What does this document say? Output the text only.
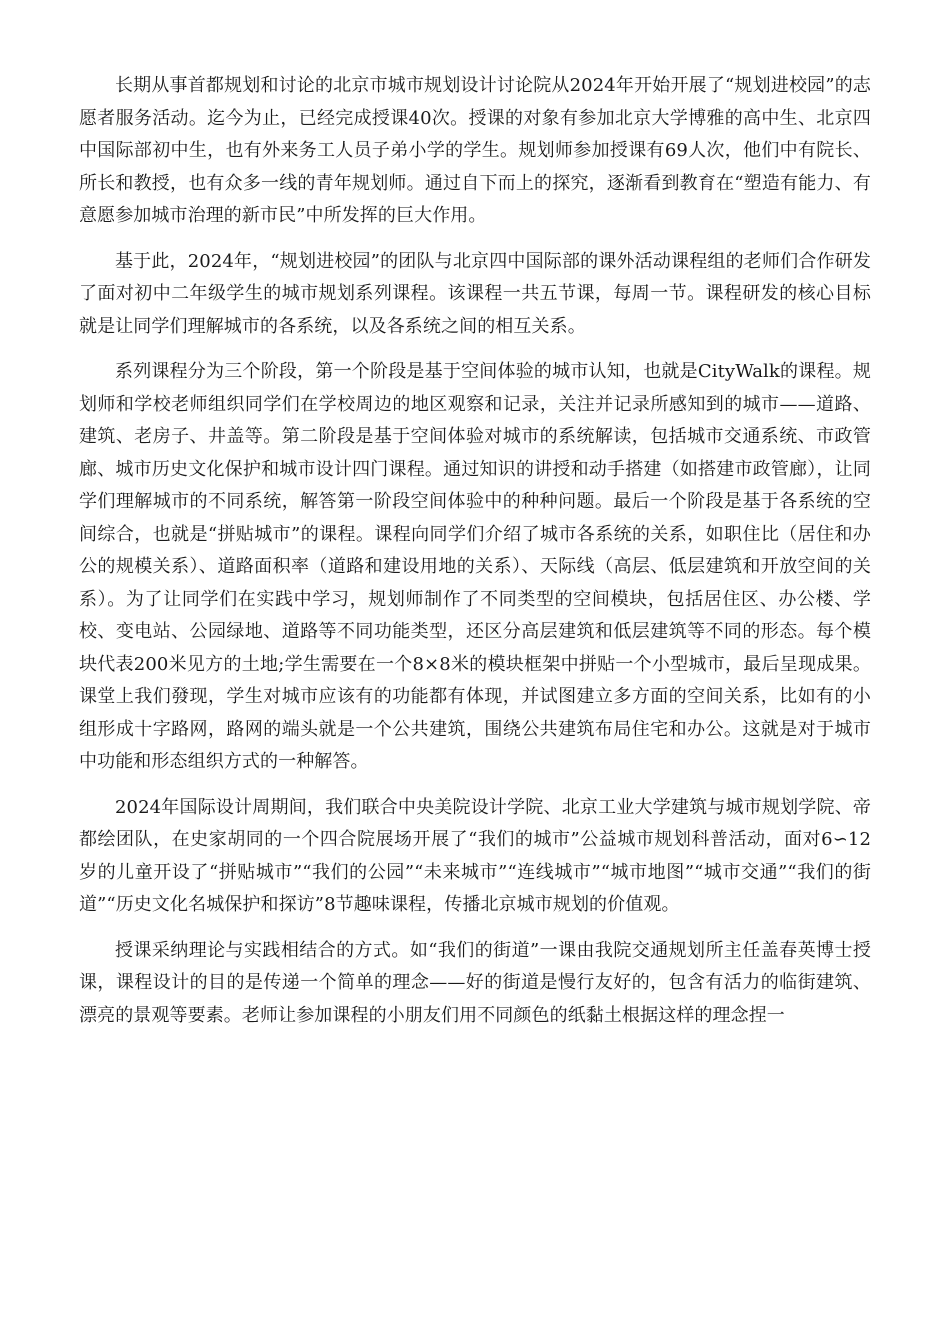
长期从事首都规划和讨论的北京市城市规划设计讨论院从2024年开始开展了“规划进校园”的志愿者服务活动。迄今为止，已经完成授课40次。授课的对象有参加北京大学博雅的高中生、北京四中国际部初中生，也有外来务工人员子弟小学的学生。规划师参加授课有69人次，他们中有院长、所长和教授，也有众多一线的青年规划师。通过自下而上的探究，逐渐看到教育在“塑造有能力、有意愿参加城市治理的新市民”中所发挥的巨大作用。

基于此，2024年，“规划进校园”的团队与北京四中国际部的课外活动课程组的老师们合作研发了面对初中二年级学生的城市规划系列课程。该课程一共五节课，每周一节。课程研发的核心目标就是让同学们理解城市的各系统，以及各系统之间的相互关系。

系列课程分为三个阶段，第一个阶段是基于空间体验的城市认知，也就是CityWalk的课程。规划师和学校老师组织同学们在学校周边的地区观察和记录，关注并记录所感知到的城市——道路、建筑、老房子、井盖等。第二阶段是基于空间体验对城市的系统解读，包括城市交通系统、市政管廊、城市历史文化保护和城市设计四门课程。通过知识的讲授和动手搭建（如搭建市政管廊），让同学们理解城市的不同系统，解答第一阶段空间体验中的种种问题。最后一个阶段是基于各系统的空间综合，也就是“拼贴城市”的课程。课程向同学们介绍了城市各系统的关系，如职住比（居住和办公的规模关系）、道路面积率（道路和建设用地的关系）、天际线（高层、低层建筑和开放空间的关系）。为了让同学们在实践中学习，规划师制作了不同类型的空间模块，包括居住区、办公楼、学校、变电站、公园绿地、道路等不同功能类型，还区分高层建筑和低层建筑等不同的形态。每个模块代表200米见方的土地;学生需要在一个8×8米的模块框架中拼贴一个小型城市，最后呈现成果。课堂上我们發现，学生对城市应该有的功能都有体现，并试图建立多方面的空间关系，比如有的小组形成十字路网，路网的端头就是一个公共建筑，围绕公共建筑布局住宅和办公。这就是对于城市中功能和形态组织方式的一种解答。

2024年国际设计周期间，我们联合中央美院设计学院、北京工业大学建筑与城市规划学院、帝都绘团队，在史家胡同的一个四合院展场开展了“我们的城市”公益城市规划科普活动，面对6∽12岁的儿童开设了“拼贴城市”“我们的公园”“未来城市”“连线城市”“城市地图”“城市交通”“我们的街道”“历史文化名城保护和探访”8节趣味课程，传播北京城市规划的价值观。

授课采纳理论与实践相结合的方式。如“我们的街道”一课由我院交通规划所主任盖春英博士授课，课程设计的目的是传递一个简单的理念——好的街道是慢行友好的，包含有活力的临街建筑、漂亮的景观等要素。老师让参加课程的小朋友们用不同颜色的纸黏土根据这样的理念捏一
